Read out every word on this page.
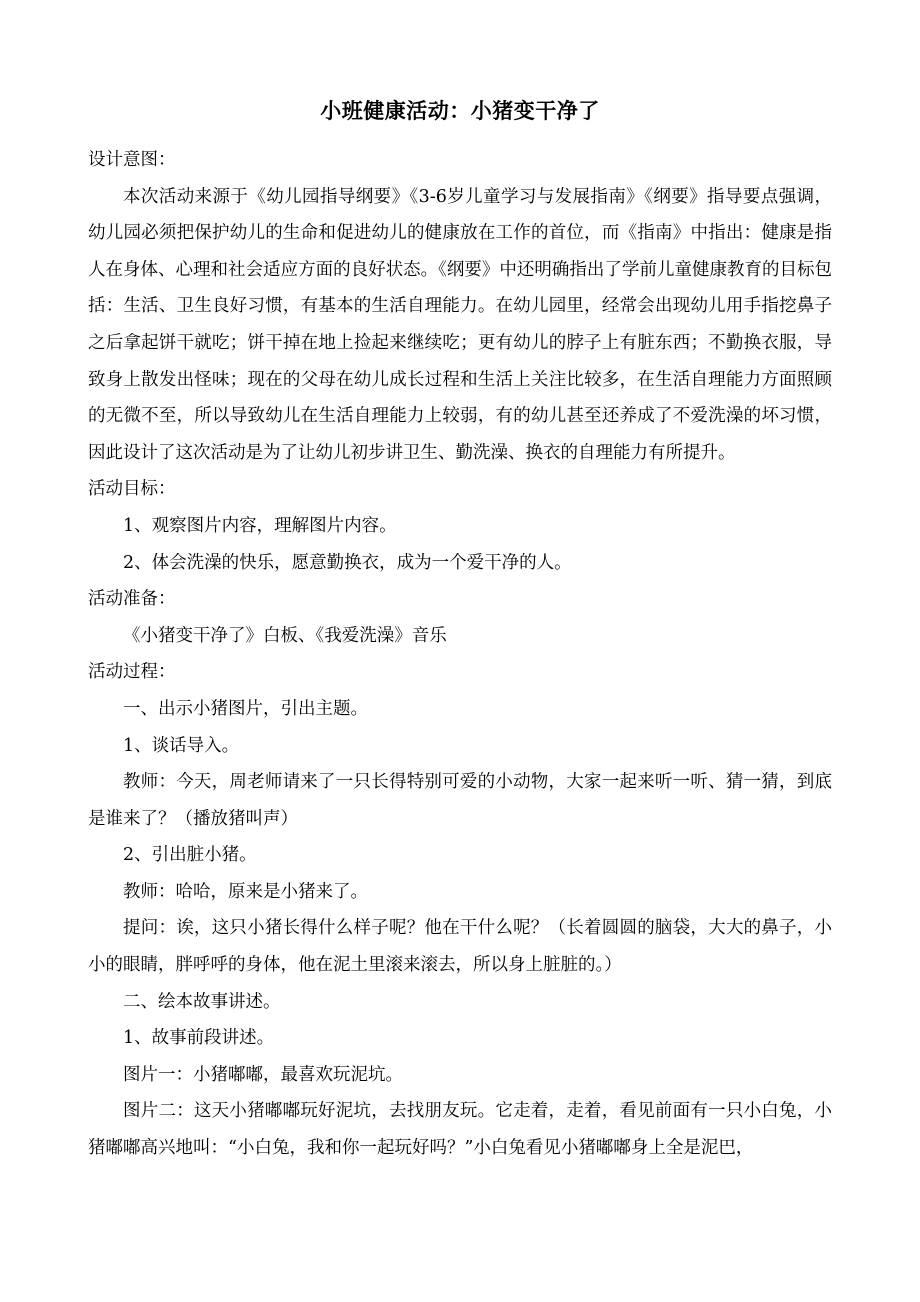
小班健康活动：小猪变干净了

设计意图：

本次活动来源于《幼儿园指导纲要》《3-6岁儿童学习与发展指南》《纲要》指导要点强调，幼儿园必须把保护幼儿的生命和促进幼儿的健康放在工作的首位，而《指南》中指出：健康是指人在身体、心理和社会适应方面的良好状态。《纲要》中还明确指出了学前儿童健康教育的目标包括：生活、卫生良好习惯，有基本的生活自理能力。在幼儿园里，经常会出现幼儿用手指挖鼻子之后拿起饼干就吃；饼干掉在地上捡起来继续吃；更有幼儿的脖子上有脏东西；不勤换衣服，导致身上散发出怪味；现在的父母在幼儿成长过程和生活上关注比较多，在生活自理能力方面照顾的无微不至，所以导致幼儿在生活自理能力上较弱，有的幼儿甚至还养成了不爱洗澡的坏习惯，因此设计了这次活动是为了让幼儿初步讲卫生、勤洗澡、换衣的自理能力有所提升。

活动目标：

1、观察图片内容，理解图片内容。

2、体会洗澡的快乐，愿意勤换衣，成为一个爱干净的人。

活动准备：

《小猪变干净了》白板、《我爱洗澡》音乐

活动过程：

一、出示小猪图片，引出主题。

1、谈话导入。

教师：今天，周老师请来了一只长得特别可爱的小动物，大家一起来听一听、猜一猜，到底是谁来了？（播放猪叫声）

2、引出脏小猪。

教师：哈哈，原来是小猪来了。

提问：诶，这只小猪长得什么样子呢？他在干什么呢？（长着圆圆的脑袋，大大的鼻子，小小的眼睛，胖呼呼的身体，他在泥土里滚来滚去，所以身上脏脏的。）

二、绘本故事讲述。

1、故事前段讲述。

图片一：小猪嘟嘟，最喜欢玩泥坑。

图片二：这天小猪嘟嘟玩好泥坑，去找朋友玩。它走着，走着，看见前面有一只小白兔，小猪嘟嘟高兴地叫：“小白兔，我和你一起玩好吗？”小白兔看见小猪嘟嘟身上全是泥巴，
